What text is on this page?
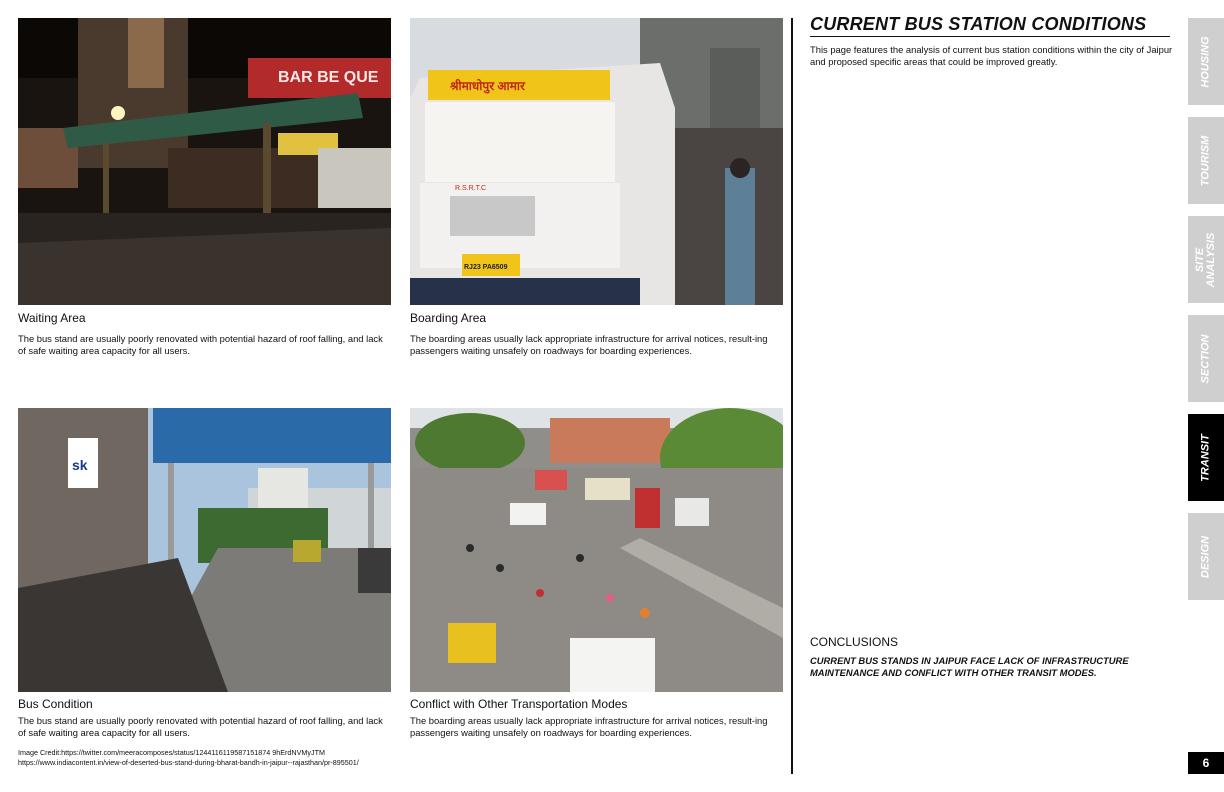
BAR BE QUE	श्रीमाधोपुर आमार
R.S.R.T.C
RJ23 PA6509
Waiting Area
The bus stand are usually poorly renovated with potential hazard of roof falling, and lack of safe waiting area capacity for all users.
Boarding Area
The boarding areas usually lack appropriate infrastructure for arrival notices, result-ing passengers waiting unsafely on roadways for boarding experiences.
sk
Bus Condition
The bus stand are usually poorly renovated with potential hazard of roof falling, and lack of safe waiting area capacity for all users.
Conflict with Other Transportation Modes
The boarding areas usually lack appropriate infrastructure for arrival notices, result-ing passengers waiting unsafely on roadways for boarding experiences.
Image Credit:https://twitter.com/meeracomposes/status/1244116119587151874 9hErdNVMyJTM
https://www.indiacontent.in/view-of-deserted-bus-stand-during-bharat-bandh-in-jaipur--rajasthan/pr-895501/
CURRENT BUS STATION CONDITIONS
This page features the analysis of current bus station conditions within the city of Jaipur and proposed specific areas that could be improved greatly.
CONCLUSIONS
CURRENT BUS STANDS IN JAIPUR FACE LACK OF INFRASTRUCTURE MAINTENANCE AND CONFLICT WITH OTHER TRANSIT MODES.
HOUSING
TOURISM
SITE ANALYSIS
SECTION
TRANSIT
DESIGN
6
